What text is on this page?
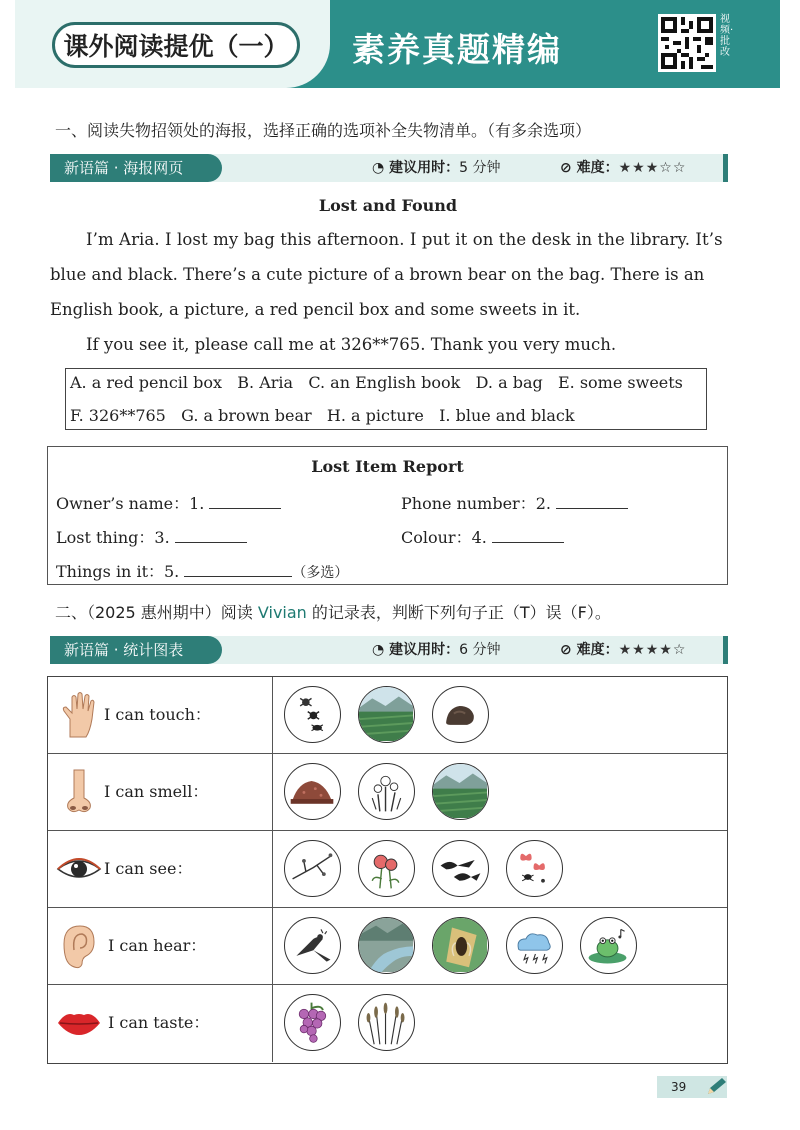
课外阅读提优（一）	素养真题精编
视频·批改
一、阅读失物招领处的海报，选择正确的选项补全失物清单。（有多余选项）
新语篇 · 海报网页	◔ 建议用时：5 分钟	⊘ 难度：★★★☆☆
Lost and Found

I’m Aria. I lost my bag this afternoon. I put it on the desk in the library. It’s

blue and black. There’s a cute picture of a brown bear on the bag. There is an

English book, a picture, a red pencil box and some sweets in it.

If you see it, please call me at 326**765. Thank you very much.

A. a red pencil box B. Aria C. an English book D. a bag E. some sweets
F. 326**765 G. a brown bear H. a picture I. blue and black
Lost Item Report
Owner’s name：1.	Phone number：2.
Lost thing：3.	Colour：4.
Things in it：5.	（多选）
二、（2025 惠州期中）阅读 Vivian 的记录表，判断下列句子正（T）误（F）。
新语篇 · 统计图表	◔ 建议用时：6 分钟	⊘ 难度：★★★★☆
I can touch：
I can smell：
I can see：
I can hear：
I can taste：
39
